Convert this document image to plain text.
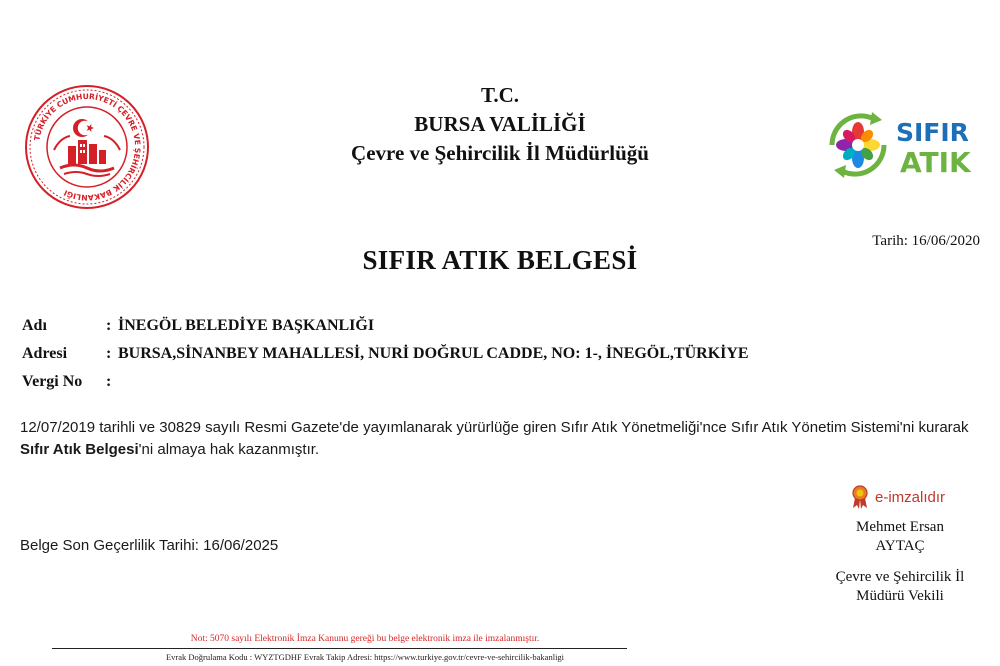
TÜRKİYE CUMHURİYETİ ÇEVRE VE ŞEHİRCİLİK BAKANLIĞI
T.C.
BURSA VALİLİĞİ
Çevre ve Şehircilik İl Müdürlüğü
SIFIR
ATIK
Tarih: 16/06/2020
SIFIR ATIK BELGESİ
Adı	: İNEGÖL BELEDİYE BAŞKANLIĞI
Adresi : BURSA,SİNANBEY MAHALLESİ, NURİ DOĞRUL CADDE, NO: 1-, İNEGÖL,TÜRKİYE
Vergi No :
12/07/2019 tarihli ve 30829 sayılı Resmi Gazete'de yayımlanarak yürürlüğe giren Sıfır Atık Yönetmeliği'nce Sıfır Atık Yönetim Sistemi'ni kurarak Sıfır Atık Belgesi'ni almaya hak kazanmıştır.
Belge Son Geçerlilik Tarihi: 16/06/2025
e-imzalıdır
Mehmet Ersan
AYTAÇ
Çevre ve Şehircilik İl
Müdürü Vekili
Not: 5070 sayılı Elektronik İmza Kanunu gereği bu belge elektronik imza ile imzalanmıştır.
Evrak Doğrulama Kodu : WYZTGDHF Evrak Takip Adresi: https://www.turkiye.gov.tr/cevre-ve-sehircilik-bakanligi
